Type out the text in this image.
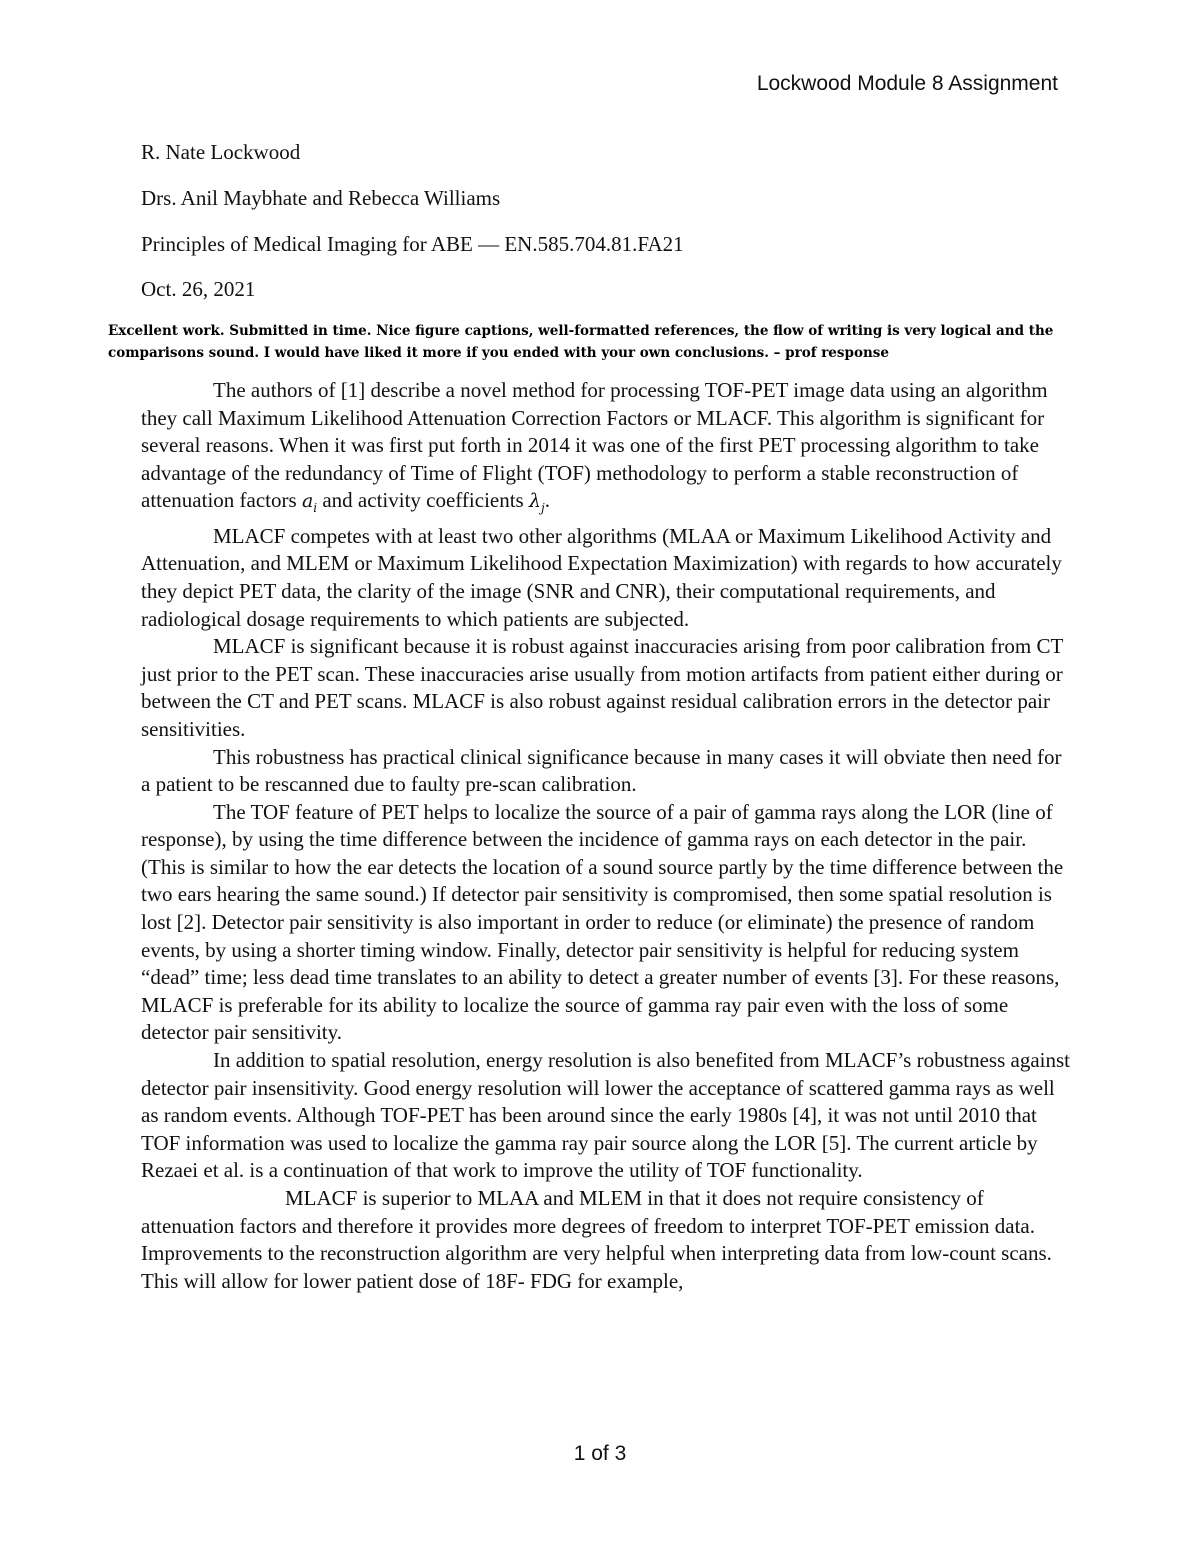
Lockwood Module 8 Assignment
R. Nate Lockwood
Drs. Anil Maybhate and Rebecca Williams
Principles of Medical Imaging for ABE — EN.585.704.81.FA21
Oct. 26, 2021
Excellent work. Submitted in time. Nice figure captions, well-formatted references, the flow of writing is very logical and the comparisons sound. I would have liked it more if you ended with your own conclusions. – prof response

The authors of [1] describe a novel method for processing TOF-PET image data using an algorithm they call Maximum Likelihood Attenuation Correction Factors or MLACF. This algorithm is significant for several reasons. When it was first put forth in 2014 it was one of the first PET processing algorithm to take advantage of the redundancy of Time of Flight (TOF) methodology to perform a stable reconstruction of attenuation factors $a_i$ and activity coefficients $\lambda_j$.

MLACF competes with at least two other algorithms (MLAA or Maximum Likelihood Activity and Attenuation, and MLEM or Maximum Likelihood Expectation Maximization) with regards to how accurately they depict PET data, the clarity of the image (SNR and CNR), their computational requirements, and radiological dosage requirements to which patients are subjected.

MLACF is significant because it is robust against inaccuracies arising from poor calibration from CT just prior to the PET scan. These inaccuracies arise usually from motion artifacts from patient either during or between the CT and PET scans. MLACF is also robust against residual calibration errors in the detector pair sensitivities.

This robustness has practical clinical significance because in many cases it will obviate then need for a patient to be rescanned due to faulty pre-scan calibration.

The TOF feature of PET helps to localize the source of a pair of gamma rays along the LOR (line of response), by using the time difference between the incidence of gamma rays on each detector in the pair. (This is similar to how the ear detects the location of a sound source partly by the time difference between the two ears hearing the same sound.) If detector pair sensitivity is compromised, then some spatial resolution is lost [2]. Detector pair sensitivity is also important in order to reduce (or eliminate) the presence of random events, by using a shorter timing window. Finally, detector pair sensitivity is helpful for reducing system “dead” time; less dead time translates to an ability to detect a greater number of events [3]. For these reasons, MLACF is preferable for its ability to localize the source of gamma ray pair even with the loss of some detector pair sensitivity.

In addition to spatial resolution, energy resolution is also benefited from MLACF’s robustness against detector pair insensitivity. Good energy resolution will lower the acceptance of scattered gamma rays as well as random events. Although TOF-PET has been around since the early 1980s [4], it was not until 2010 that TOF information was used to localize the gamma ray pair source along the LOR [5]. The current article by Rezaei et al. is a continuation of that work to improve the utility of TOF functionality.

MLACF is superior to MLAA and MLEM in that it does not require consistency of attenuation factors and therefore it provides more degrees of freedom to interpret TOF-PET emission data. Improvements to the reconstruction algorithm are very helpful when interpreting data from low-count scans. This will allow for lower patient dose of 18F- FDG for example,

1 of 3
